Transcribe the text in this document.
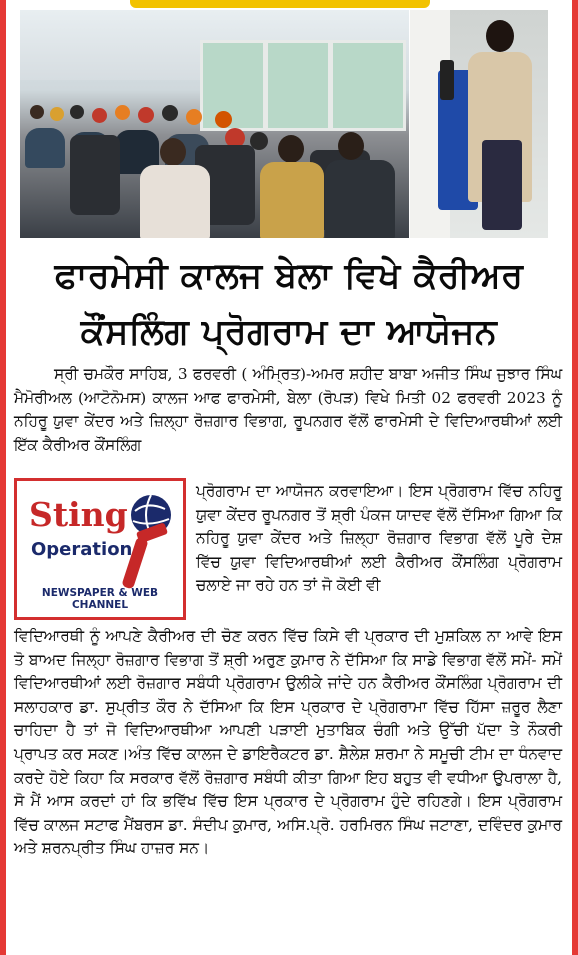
ਫਾਰਮੇਸੀ ਕਾਲਜ ਬੇਲਾ ਵਿਖੇ ਕੈਰੀਅਰ ਕੌਂਸਲਿੰਗ ਪ੍ਰੋਗਰਾਮ ਦਾ ਆਯੋਜਨ

ਸ੍ਰੀ ਚਮਕੌਰ ਸਾਹਿਬ, 3 ਫਰਵਰੀ ( ਅੰਮ੍ਰਿਤ)-ਅਮਰ ਸ਼ਹੀਦ ਬਾਬਾ ਅਜੀਤ ਸਿੰਘ ਜੁਝਾਰ ਸਿੰਘ ਮੈਮੋਰੀਅਲ (ਆਟੋਨੋਮਸ) ਕਾਲਜ ਆਫ ਫਾਰਮੇਸੀ, ਬੇਲਾ (ਰੋਪੜ) ਵਿਖੇ ਮਿਤੀ 02 ਫਰਵਰੀ 2023 ਨੂੰ ਨਹਿਰੂ ਯੁਵਾ ਕੇਂਦਰ ਅਤੇ ਜ਼ਿਲ੍ਹਾ ਰੋਜ਼ਗਾਰ ਵਿਭਾਗ, ਰੂਪਨਗਰ ਵੱਲੋਂ ਫਾਰਮੇਸੀ ਦੇ ਵਿਦਿਆਰਥੀਆਂ ਲਈ ਇੱਕ ਕੈਰੀਅਰ ਕੌਂਸਲਿੰਗ

Sting
Operation
NEWSPAPER & WEB CHANNEL

ਪ੍ਰੋਗਰਾਮ ਦਾ ਆਯੋਜਨ ਕਰਵਾਇਆ। ਇਸ ਪ੍ਰੋਗਰਾਮ ਵਿੱਚ ਨਹਿਰੂ ਯੁਵਾ ਕੇਂਦਰ ਰੂਪਨਗਰ ਤੋਂ ਸ਼੍ਰੀ ਪੰਕਜ ਯਾਦਵ ਵੱਲੋਂ ਦੱਸਿਆ ਗਿਆ ਕਿ ਨਹਿਰੂ ਯੁਵਾ ਕੇਂਦਰ ਅਤੇ ਜ਼ਿਲ੍ਹਾ ਰੋਜ਼ਗਾਰ ਵਿਭਾਗ ਵੱਲੋਂ ਪੂਰੇ ਦੇਸ਼ ਵਿੱਚ ਯੁਵਾ ਵਿਦਿਆਰਥੀਆਂ ਲਈ ਕੈਰੀਅਰ ਕੌਂਸਲਿੰਗ ਪ੍ਰੋਗਰਾਮ ਚਲਾਏ ਜਾ ਰਹੇ ਹਨ ਤਾਂ ਜੋ ਕੋਈ ਵੀ

ਵਿਦਿਆਰਥੀ ਨੂੰ ਆਪਣੇ ਕੈਰੀਅਰ ਦੀ ਚੋਣ ਕਰਨ ਵਿੱਚ ਕਿਸੇ ਵੀ ਪ੍ਰਕਾਰ ਦੀ ਮੁਸ਼ਕਿਲ ਨਾ ਆਵੇ ਇਸ ਤੋ ਬਾਅਦ ਜਿਲ੍ਹਾ ਰੋਜ਼ਗਾਰ ਵਿਭਾਗ ਤੋਂ ਸ਼੍ਰੀ ਅਰੁਣ ਕੁਮਾਰ ਨੇ ਦੱਸਿਆ ਕਿ ਸਾਡੇ ਵਿਭਾਗ ਵੱਲੋਂ ਸਮੇਂ- ਸਮੇਂ ਵਿਦਿਆਰਥੀਆਂ ਲਈ ਰੋਜ਼ਗਾਰ ਸਬੰਧੀ ਪ੍ਰੋਗਰਾਮ ਉਲੀਕੇ ਜਾਂਦੇ ਹਨ ਕੈਰੀਅਰ ਕੌਂਸਲਿੰਗ ਪ੍ਰੋਗਰਾਮ ਦੀ ਸਲਾਹਕਾਰ ਡਾ. ਸੁਪ੍ਰੀਤ ਕੌਰ ਨੇ ਦੱਸਿਆ ਕਿ ਇਸ ਪ੍ਰਕਾਰ ਦੇ ਪ੍ਰੋਗਰਾਮਾ ਵਿੱਚ ਹਿੱਸਾ ਜ਼ਰੂਰ ਲੈਣਾ ਚਾਹਿਦਾ ਹੈ ਤਾਂ ਜੋ ਵਿਦਿਆਰਥੀਆ ਆਪਣੀ ਪੜਾਈ ਮੁਤਾਬਿਕ ਚੰਗੀ ਅਤੇ ਉੱਚੀ ਪੱਦਾ ਤੇ ਨੌਕਰੀ ਪ੍ਰਾਪਤ ਕਰ ਸਕਣ।ਅੰਤ ਵਿੱਚ ਕਾਲਜ ਦੇ ਡਾਇਰੈਕਟਰ ਡਾ. ਸ਼ੈਲੇਸ਼ ਸ਼ਰਮਾ ਨੇ ਸਮੂਚੀ ਟੀਮ ਦਾ ਧੰਨਵਾਦ ਕਰਦੇ ਹੋਏ ਕਿਹਾ ਕਿ ਸਰਕਾਰ ਵੱਲੋਂ ਰੋਜ਼ਗਾਰ ਸਬੰਧੀ ਕੀਤਾ ਗਿਆ ਇਹ ਬਹੁਤ ਵੀ ਵਧੀਆ ਉਪਰਾਲਾ ਹੈ, ਸੋ ਮੈਂ ਆਸ ਕਰਦਾਂ ਹਾਂ ਕਿ ਭਵਿੱਖ ਵਿੱਚ ਇਸ ਪ੍ਰਕਾਰ ਦੇ ਪ੍ਰੋਗਰਾਮ ਹੁੰਦੇ ਰਹਿਣਗੇ। ਇਸ ਪ੍ਰੋਗਰਾਮ ਵਿੱਚ ਕਾਲਜ ਸਟਾਫ ਮੈਂਬਰਸ ਡਾ. ਸੰਦੀਪ ਕੁਮਾਰ, ਅਸਿ.ਪ੍ਰੋ. ਹਰਮਿਰਨ ਸਿੰਘ ਜਟਾਣਾ, ਦਵਿੰਦਰ ਕੁਮਾਰ ਅਤੇ ਸ਼ਰਨਪ੍ਰੀਤ ਸਿੰਘ ਹਾਜ਼ਰ ਸਨ।
